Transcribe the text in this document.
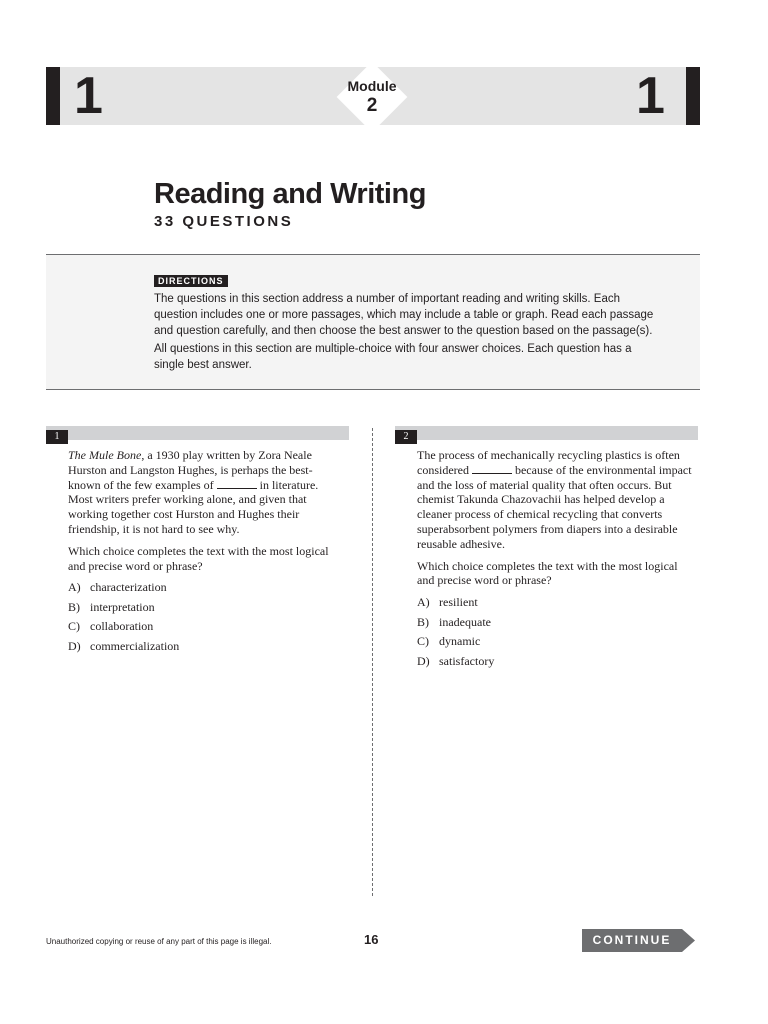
1	1
Module
2
Reading and Writing
33 QUESTIONS
DIRECTIONS

The questions in this section address a number of important reading and writing skills. Each question includes one or more passages, which may include a table or graph. Read each passage and question carefully, and then choose the best answer to the question based on the passage(s).

All questions in this section are multiple-choice with four answer choices. Each question has a single best answer.

1	2

The Mule Bone, a 1930 play written by Zora Neale Hurston and Langston Hughes, is perhaps the best-known of the few examples of	in literature. Most writers prefer working alone, and given that working together cost Hurston and Hughes their friendship, it is not hard to see why.

Which choice completes the text with the most logical and precise word or phrase?

A) characterization
B) interpretation
C) collaboration
D) commercialization

The process of mechanically recycling plastics is often considered	because of the environmental impact and the loss of material quality that often occurs. But chemist Takunda Chazovachii has helped develop a cleaner process of chemical recycling that converts superabsorbent polymers from diapers into a desirable reusable adhesive.

Which choice completes the text with the most logical and precise word or phrase?

A) resilient
B) inadequate
C) dynamic
D) satisfactory
Unauthorized copying or reuse of any part of this page is illegal.	16	CONTINUE
